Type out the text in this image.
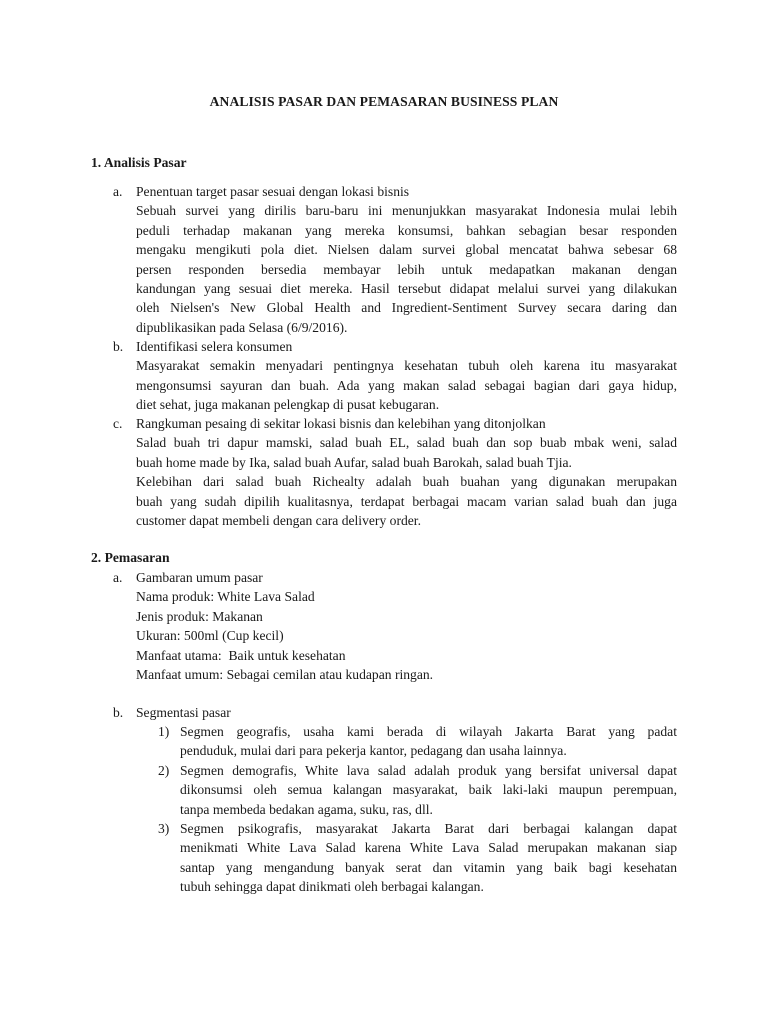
ANALISIS PASAR DAN PEMASARAN BUSINESS PLAN
1. Analisis Pasar
a. Penentuan target pasar sesuai dengan lokasi bisnis
Sebuah survei yang dirilis baru-baru ini menunjukkan masyarakat Indonesia mulai lebih
peduli terhadap makanan yang mereka konsumsi, bahkan sebagian besar responden
mengaku mengikuti pola diet. Nielsen dalam survei global mencatat bahwa sebesar 68
persen responden bersedia membayar lebih untuk medapatkan makanan dengan
kandungan yang sesuai diet mereka. Hasil tersebut didapat melalui survei yang dilakukan
oleh Nielsen's New Global Health and Ingredient-Sentiment Survey secara daring dan
dipublikasikan pada Selasa (6/9/2016).
b. Identifikasi selera konsumen
Masyarakat semakin menyadari pentingnya kesehatan tubuh oleh karena itu masyarakat
mengonsumsi sayuran dan buah. Ada yang makan salad sebagai bagian dari gaya hidup,
diet sehat, juga makanan pelengkap di pusat kebugaran.
c. Rangkuman pesaing di sekitar lokasi bisnis dan kelebihan yang ditonjolkan
Salad buah tri dapur mamski, salad buah EL, salad buah dan sop buab mbak weni, salad
buah home made by Ika, salad buah Aufar, salad buah Barokah, salad buah Tjia.
Kelebihan dari salad buah Richealty adalah buah buahan yang digunakan merupakan
buah yang sudah dipilih kualitasnya, terdapat berbagai macam varian salad buah dan juga
customer dapat membeli dengan cara delivery order.
2. Pemasaran
a. Gambaran umum pasar
Nama produk: White Lava Salad
Jenis produk: Makanan
Ukuran: 500ml (Cup kecil)
Manfaat utama:  Baik untuk kesehatan
Manfaat umum: Sebagai cemilan atau kudapan ringan.
b. Segmentasi pasar
1) Segmen geografis, usaha kami berada di wilayah Jakarta Barat yang padat
penduduk, mulai dari para pekerja kantor, pedagang dan usaha lainnya.
2) Segmen demografis, White lava salad adalah produk yang bersifat universal dapat
dikonsumsi oleh semua kalangan masyarakat, baik laki-laki maupun perempuan,
tanpa membeda bedakan agama, suku, ras, dll.
3) Segmen psikografis, masyarakat Jakarta Barat dari berbagai kalangan dapat
menikmati White Lava Salad karena White Lava Salad merupakan makanan siap
santap yang mengandung banyak serat dan vitamin yang baik bagi kesehatan
tubuh sehingga dapat dinikmati oleh berbagai kalangan.
